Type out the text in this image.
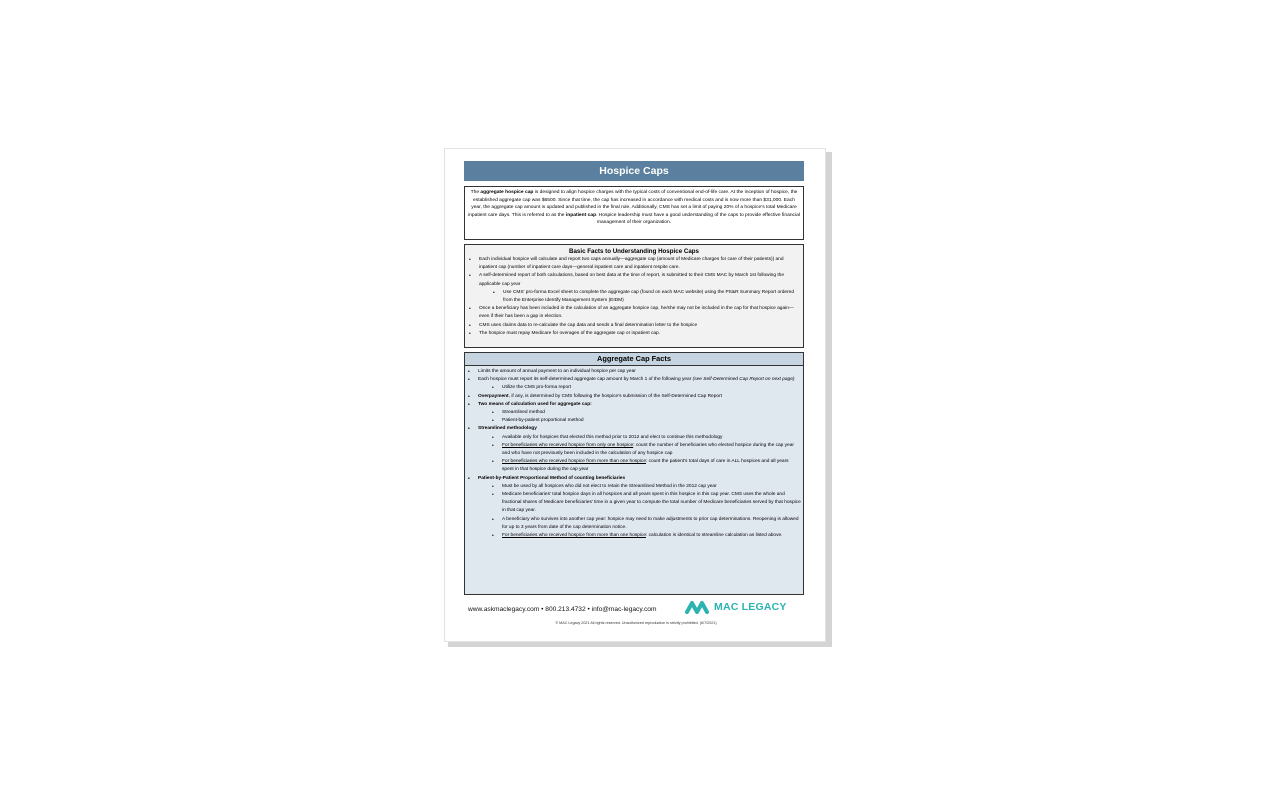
Hospice Caps
The aggregate hospice cap is designed to align hospice charges with the typical costs of conventional end-of-life care. At the inception of hospice, the established aggregate cap was $6500. Since that time, the cap has increased in accordance with medical costs and is now more than $31,000. Each year, the aggregate cap amount is updated and published in the final rule. Additionally, CMS has set a limit of paying 20% of a hospice's total Medicare inpatient care days. This is referred to as the inpatient cap. Hospice leadership must have a good understanding of the caps to provide effective financial management of their organization.
Basic Facts to Understanding Hospice Caps
• Each individual hospice will calculate and report two caps annually—aggregate cap (amount of Medicare charges for care of their patients)) and inpatient cap (number of inpatient care days—general inpatient care and inpatient respite care.
• A self-determined report of both calculations, based on best data at the time of report, is submitted to their CMS MAC by March 1st following the applicable cap year
• Use CMS' pro-forma Excel sheet to complete the aggregate cap (found on each MAC website) using the PS&R Summary Report ordered from the Enterprise Identify Management System (EIDM)
• Once a beneficiary has been included in the calculation of an aggregate hospice cap, he/she may not be included in the cap for that hospice again—even if their has been a gap in election.
• CMS uses claims data to re-calculate the cap data and sends a final determination letter to the hospice
• The hospice must repay Medicare for overages of the aggregate cap or inpatient cap.
Aggregate Cap Facts
• Limits the amount of annual payment to an individual hospice per cap year
• Each hospice must report its self-determined aggregate cap amount by March 1 of the following year (see Self-Determined Cap Report on next page)
• Utilize the CMS pro-forma report
• Overpayment, if any, is determined by CMS following the hospice's submission of the Self-Determined Cap Report
• Two means of calculation used for aggregate cap:
• Streamlined method
• Patient-by-patient proportional method
• Streamlined methodology
• Available only for hospices that elected this method prior to 2012 and elect to continue this methodology
• For beneficiaries who received hospice from only one hospice: count the number of beneficiaries who elected hospice during the cap year and who have not previously been included in the calculation of any hospice cap
• For beneficiaries who received hospice from more than one hospice: count the patient's total days of care in ALL hospices and all years spent in that hospice during the cap year
• Patient-by-Patient Proportional Method of counting beneficiaries
• Must be used by all hospices who did not elect to retain the Streamlined Method in the 2012 cap year
• Medicare beneficiaries' total hospice days in all hospices and all years spent in this hospice in this cap year. CMS uses the whole and fractional shares of Medicare beneficiaries' time in a given year to compute the total number of Medicare beneficiaries served by that hospice in that cap year.
• A beneficiary who survives into another cap year: hospice may need to make adjustments to prior cap determinations. Reopening is allowed for up to 3 years from date of the cap determination notice.
• For beneficiaries who received hospice from more than one hospice: calculation is identical to streamline calculation as listed above.
www.askmaclegacy.com • 800.213.4732 • info@mac-legacy.com	MAC LEGACY
© MAC Legacy 2021 All rights reserved. Unauthorized reproduction is strictly prohibited. (6/7/2021)
